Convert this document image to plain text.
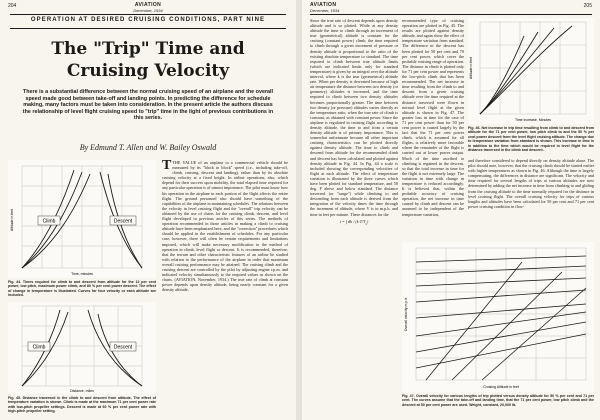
204	AVIATION
December, 1934
OPERATION AT DESIRED CRUISING CONDITIONS, PART NINE
The "Trip" Time and
Cruising Velocity
There is a substantial difference between the normal cruising speed of an airplane and the overall speed made good between take-off and landing points. In predicting the difference for schedule making, many factors must be taken into consideration. In the present article the authors discuss the relationship of level flight cruising speed to "trip" time in the light of previous contributions in this series.
By Edmund T. Allen and W. Bailey Oswald
Climb	Descent
Altitude in feet
Time, minutes
Fig. 44. Times required for climb to and descent from altitude for the 12 per cent power, low pitch, maximum power climb, and 80 % per cent power descent. The effect of change in temperature is illustrated. Curves for four velocity or each altitude are included.
Climb	Descent
Distance, miles
Fig. 45. Distance traversed in the climb to and descent from altitude. The effect of temperature variation is shown. Climb is made at the maximum 71 per cent power rate with low-pitch propeller settings. Descent is made at 60 % per cent power rate with high-pitch propeller setting.
TTHE VALUE of an airplane to a commercial vehicle should be measured by its "block to block" speed (i.e., including take-off, climb, cruising, descent and landing), rather than by its absolute cruising velocity at a fixed height. In airline operations, also, which depend for their success upon mobility, the total elapsed time required for any particular operation is of utmost importance. The pilot must know how his operation in the airplane in each portion of the flight affects the entire flight. The ground personnel also should have something of the capabilities of the airplane in maintaining schedules. The relations between the velocity in level cruising flight and the "overall" trip velocity can be obtained by the use of charts for the cruising climb, descent, and level flight developed in previous articles of this series. The methods of operation recommended in those articles in making a climb to cruising altitude have been emphasized here, and the "correction" procedures which should be applied in the establishment of schedules. For any particular case, however, there will often be certain requirements and limitations imposed, which will make necessary modification to the method of operation in climb, level flight or descent. It is recommended, therefore, that the terrain and other characteristic features of an airline be studied with relation to the performance of the airplane in order that maximum overall cruising performance may be attained. The cruising climb and the cruising descent are controlled by the pilot by adjusting engine r.p.m. and indicated velocity simultaneously to the required values as shown on the charts. (AVIATION, November, 1934.) The true rate of climb at constant power depends upon density altitude, being nearly constant for a given density altitude.
AVIATION
December, 1934
205
Since the true rate of descent depends upon density altitude and is so plotted. While at any density altitude the time to climb through an increment of true (geometrical) altitude is constant for the cruising (constant power) climb, the time required to climb through a given increment of pressure or density altitude is proportional to the ratio of the existing absolute temperature to standard. The time required to climb between true altitude limits (which are indicated limits only for standard temperature) is given by an integral over the altitude interval, where k is the true (geometrical) altitude rate. When per density is decreased because of high air temperature the distance between two density (or geometry) altitudes is increased, and the time required to climb between two density altitudes becomes proportionally greater. The time between two density (or pressure) altitudes varies directly as the temperature ratio, when the true rate of climb is constant, as obtained with constant power. Since the airplane is regulated in cruising flight according to density altitude, the time to and from a certain density altitude is of primary importance. This is somewhat unfortunate because all other important cruising characteristics can be plotted directly against density altitude. The time to climb and descend from altitude for the recommended climb and descent has been calculated and plotted against density altitude in Fig. 44. In Fig. 44 a scale is included showing the corresponding velocities of flight at each altitude. The effect of temperature variation is illustrated by the three curves which have been plotted for standard temperature, and 50 deg. F above and below standard. The distance traversed (or "range") while climbing to and descending from each altitude is derived from the integration of the velocity times the time through the increment of altitude, where V is in m.p.h. and time in feet per minute. These distances for the
t = ∫ dh / $(k\cdot T/T_s)$
recommended type of cruising operation are plotted in Fig. 45. The results are plotted against density altitude, and again show the effect of temperature variation from standard. The difference in the descent has been plotted for 50 per cent and 70 per cent power, which cover the probable cruising range of operation. The distance in climb is plotted only for 71 per cent power and represents the low-pitch climb that has been recommended. The net increase in time resulting from the climb to and descent from a given cruising altitude over the time required at the distance traversed were flown in normal level flight at the given altitude is shown in Fig. 47. The greater loss in time for the case of 71 per cent power than for 50 per cent power is caused largely by the fact that the 71 per cent power climb, which is assumed for all flights, is relatively more favorable where the remainder of the flight is carried out at lower power output. Much of the time ascribed to climbing is regained in the descent, so that the total increase in time for the flight is not extremely large. The variation in time with change in temperature is reduced accordingly. It is believed that, within the probable accuracy of cruising operation, the net increase in time caused by climb and descent can be assumed to be independent of the temperature variation,
Altitude in feet
Time increase, Minutes
Fig. 46. Net increase in trip time resulting from climb to and descent from altitude for the 71 per cent power, low pitch climb to and the 50 % per cent power descent from the level flight cruising altitude. The change due to temperature variation from standard is shown. This increase in time is in addition to the time which would be required in level flight for the distance traversed in the climb and descent.
and therefore considered to depend directly on density altitude alone. The pilot should note, however, that the cruising climb should be started earlier with higher temperatures as shown in Fig. 46. Although the time is largely compensating, the differences in distance are significant. The velocity and time required for several lengths of trips at various altitudes are now determined by adding the net increase in time from climbing to and gliding from the cruising altitude to the time normally required for the distance in level cruising flight. The overall cruising velocity for trips of various lengths and altitudes have been calculated for 50 per cent and 71 per cent power cruising condition in flow-
Overall velocity m.p.h.
Cruising Altitude in feet
Fig. 47. Overall velocity for various lengths of trip plotted versus density altitude for 50 % per cent and 71 per cent. The curves assume that the take-off and landing time, that the 71 per cent power, low pitch climb and the descent at 50 per cent power are used. Weight, constant, 20,000 lb.
